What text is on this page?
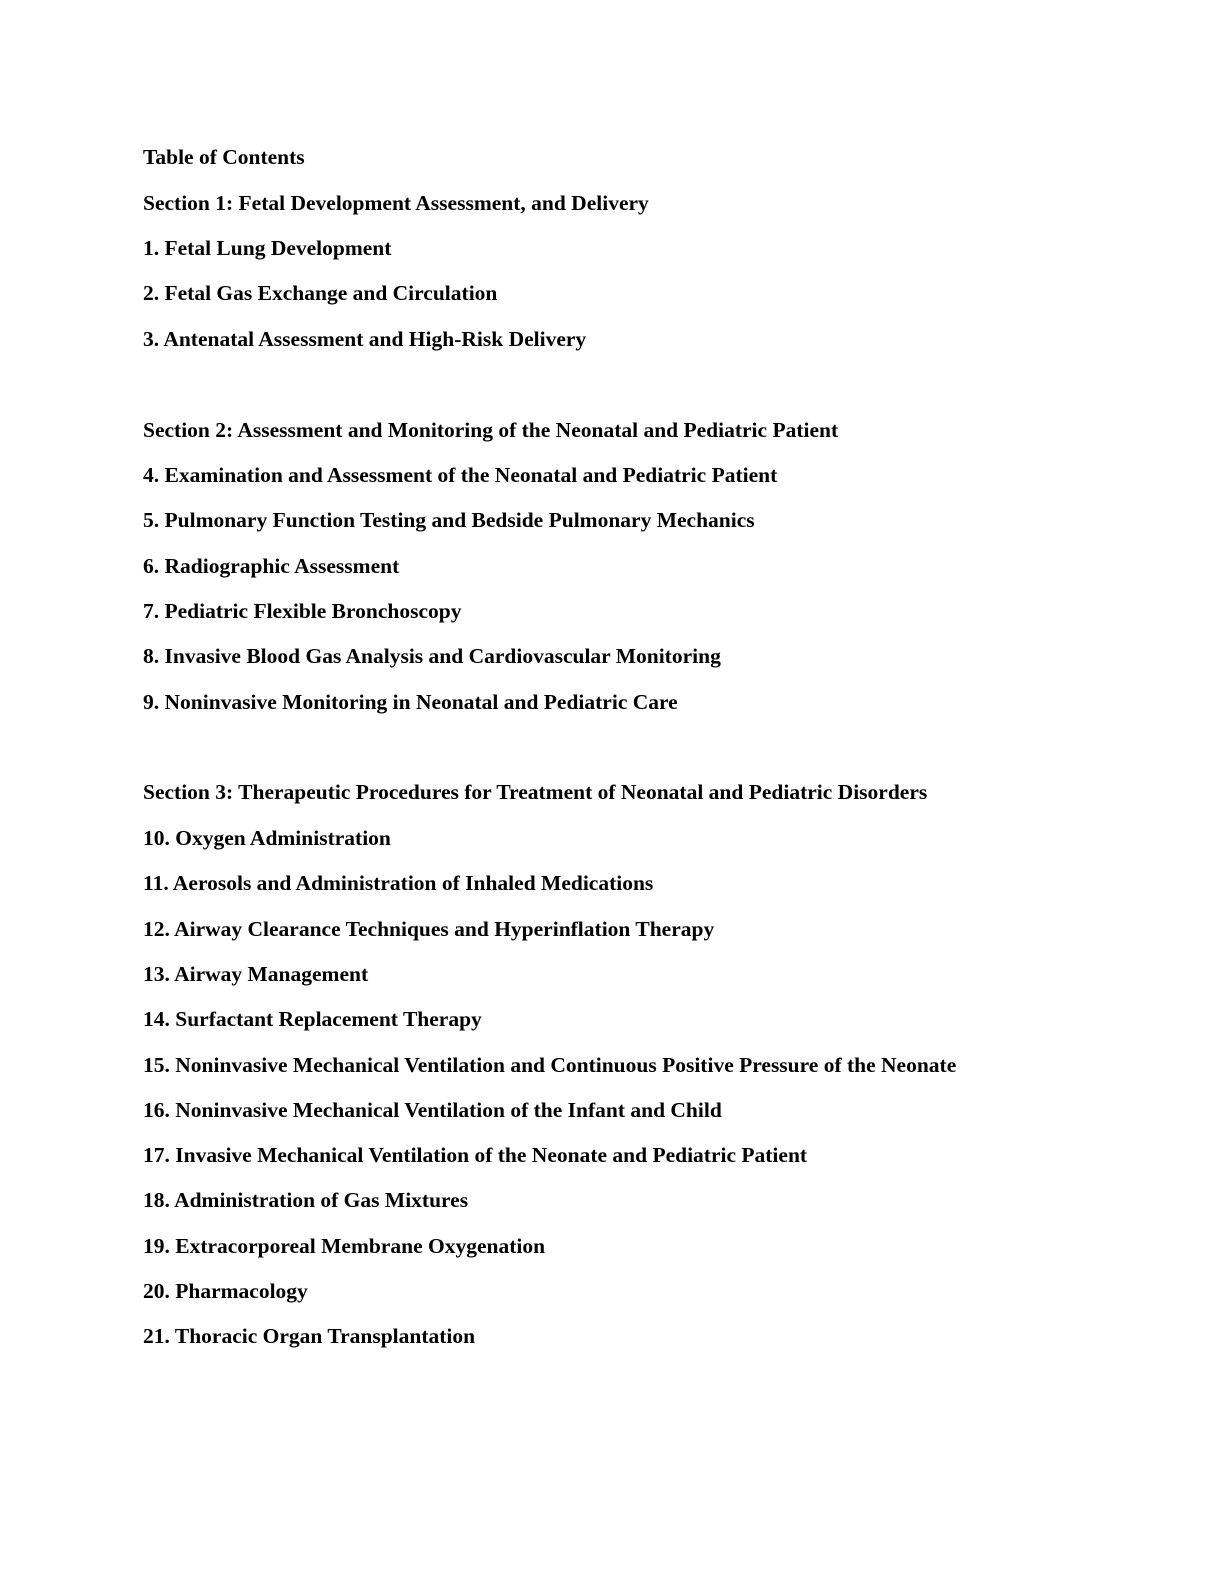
Table of Contents

Section 1: Fetal Development Assessment, and Delivery

1. Fetal Lung Development

2. Fetal Gas Exchange and Circulation

3. Antenatal Assessment and High-Risk Delivery

Section 2: Assessment and Monitoring of the Neonatal and Pediatric Patient

4. Examination and Assessment of the Neonatal and Pediatric Patient

5. Pulmonary Function Testing and Bedside Pulmonary Mechanics

6. Radiographic Assessment

7. Pediatric Flexible Bronchoscopy

8. Invasive Blood Gas Analysis and Cardiovascular Monitoring

9. Noninvasive Monitoring in Neonatal and Pediatric Care

Section 3: Therapeutic Procedures for Treatment of Neonatal and Pediatric Disorders

10. Oxygen Administration

11. Aerosols and Administration of Inhaled Medications

12. Airway Clearance Techniques and Hyperinflation Therapy

13. Airway Management

14. Surfactant Replacement Therapy

15. Noninvasive Mechanical Ventilation and Continuous Positive Pressure of the Neonate

16. Noninvasive Mechanical Ventilation of the Infant and Child

17. Invasive Mechanical Ventilation of the Neonate and Pediatric Patient

18. Administration of Gas Mixtures

19. Extracorporeal Membrane Oxygenation

20. Pharmacology

21. Thoracic Organ Transplantation
